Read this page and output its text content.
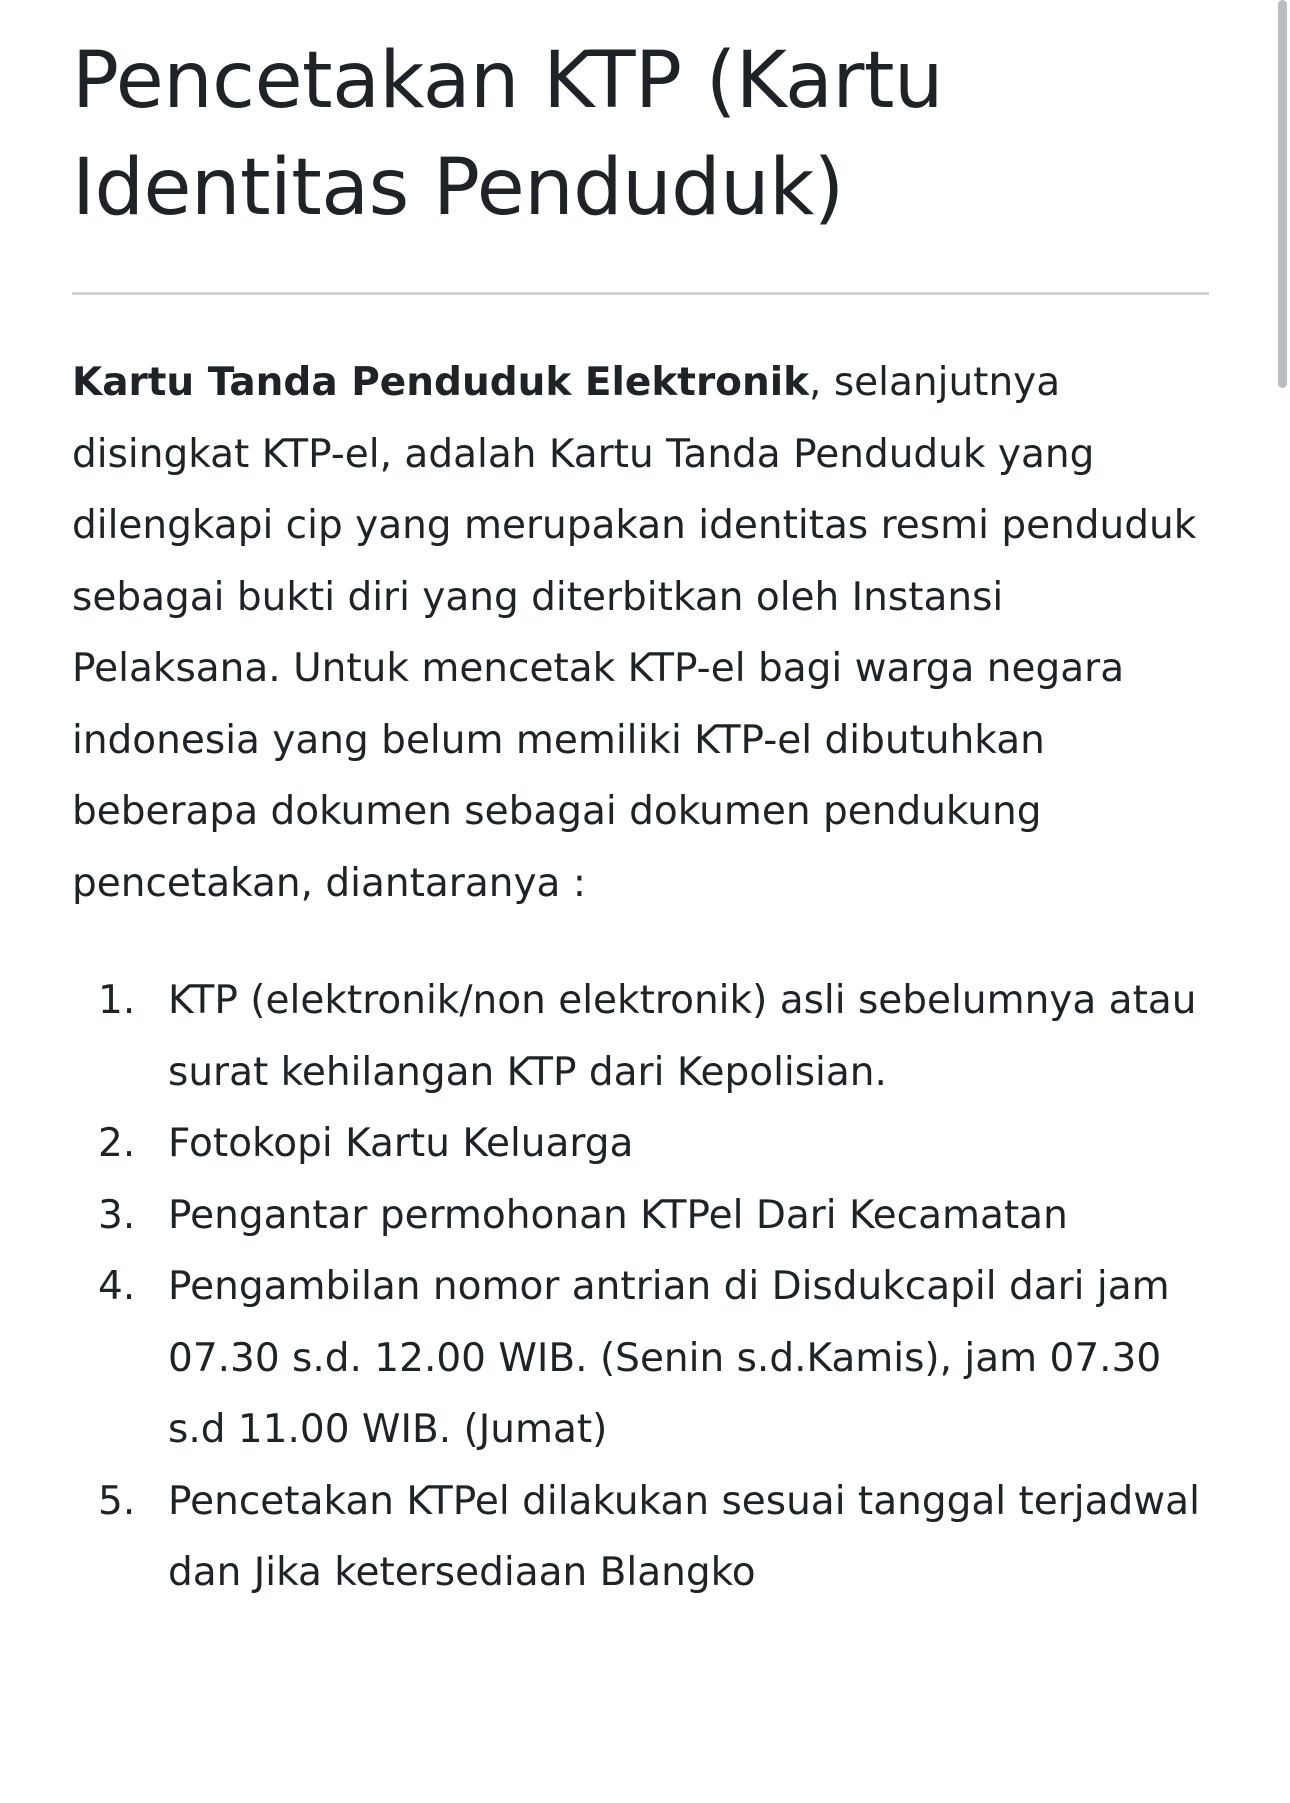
Pencetakan KTP (Kartu Identitas Penduduk)

Kartu Tanda Penduduk Elektronik, selanjutnya disingkat KTP-el, adalah Kartu Tanda Penduduk yang dilengkapi cip yang merupakan identitas resmi penduduk sebagai bukti diri yang diterbitkan oleh Instansi Pelaksana. Untuk mencetak KTP-el bagi warga negara indonesia yang belum memiliki KTP-el dibutuhkan beberapa dokumen sebagai dokumen pendukung pencetakan, diantaranya :

1. KTP (elektronik/non elektronik) asli sebelumnya atau surat kehilangan KTP dari Kepolisian.
2. Fotokopi Kartu Keluarga
3. Pengantar permohonan KTPel Dari Kecamatan
4. Pengambilan nomor antrian di Disdukcapil dari jam 07.30 s.d. 12.00 WIB. (Senin s.d.Kamis), jam 07.30 s.d 11.00 WIB. (Jumat)
5. Pencetakan KTPel dilakukan sesuai tanggal terjadwal dan Jika ketersediaan Blangko
